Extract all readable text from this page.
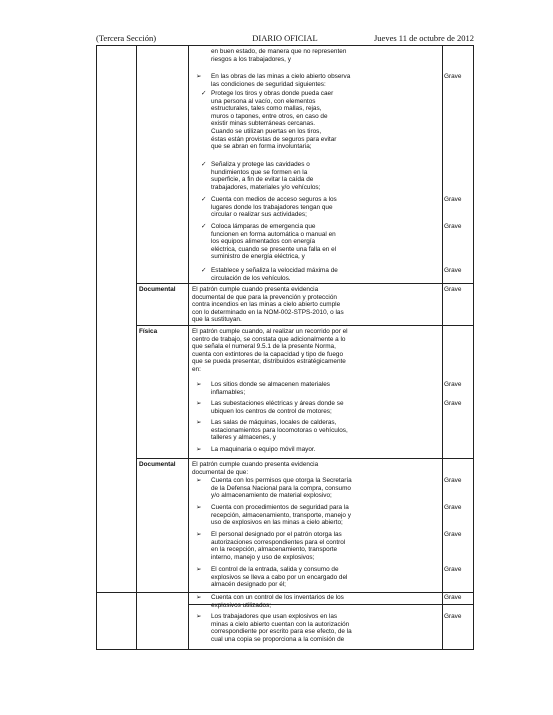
(Tercera Sección)	DIARIO OFICIAL	Jueves 11 de octubre de 2012
Documental
Física
Documental
en buen estado, de manera que no representen
riesgos a los trabajadores, y
➢ En las obras de las minas a cielo abierto observa
las condiciones de seguridad siguientes:
✓ Protege los tiros y obras donde pueda caer
una persona al vacío, con elementos
estructurales, tales como mallas, rejas,
muros o tapones, entre otros, en caso de
existir minas subterráneas cercanas.
Cuando se utilizan puertas en los tiros,
éstas están provistas de seguros para evitar
que se abran en forma involuntaria;
✓ Señaliza y protege las cavidades o
hundimientos que se formen en la
superficie, a fin de evitar la caída de
trabajadores, materiales y/o vehículos;
✓ Cuenta con medios de acceso seguros a los
lugares donde los trabajadores tengan que
circular o realizar sus actividades;
✓ Coloca lámparas de emergencia que
funcionen en forma automática o manual en
los equipos alimentados con energía
eléctrica, cuando se presente una falla en el
suministro de energía eléctrica, y
✓ Establece y señaliza la velocidad máxima de
circulación de los vehículos.
El patrón cumple cuando presenta evidencia
documental de que para la prevención y protección
contra incendios en las minas a cielo abierto cumple
con lo determinado en la NOM-002-STPS-2010, o las
que la sustituyan.
El patrón cumple cuando, al realizar un recorrido por el
centro de trabajo, se constata que adicionalmente a lo
que señala el numeral 9.5.1 de la presente Norma,
cuenta con extintores de la capacidad y tipo de fuego
que se pueda presentar, distribuidos estratégicamente
en:
➢ Los sitios donde se almacenen materiales
inflamables;
➢ Las subestaciones eléctricas y áreas donde se
ubiquen los centros de control de motores;
➢ Las salas de máquinas, locales de calderas,
estacionamientos para locomotoras o vehículos,
talleres y almacenes, y
➢ La maquinaria o equipo móvil mayor.
El patrón cumple cuando presenta evidencia
documental de que:
➢ Cuenta con los permisos que otorga la Secretaría
de la Defensa Nacional para la compra, consumo
y/o almacenamiento de material explosivo;
➢ Cuenta con procedimientos de seguridad para la
recepción, almacenamiento, transporte, manejo y
uso de explosivos en las minas a cielo abierto;
➢ El personal designado por el patrón otorga las
autorizaciones correspondientes para el control
en la recepción, almacenamiento, transporte
interno, manejo y uso de explosivos;
➢ El control de la entrada, salida y consumo de
explosivos se lleva a cabo por un encargado del
almacén designado por él;
➢ Cuenta con un control de los inventarios de los
explosivos utilizados;
➢ Los trabajadores que usan explosivos en las
minas a cielo abierto cuentan con la autorización
correspondiente por escrito para ese efecto, de la
cual una copia se proporciona a la comisión de
Grave
Grave
Grave
Grave
Grave
Grave
Grave
Grave
Grave
Grave
Grave
Grave
Grave
